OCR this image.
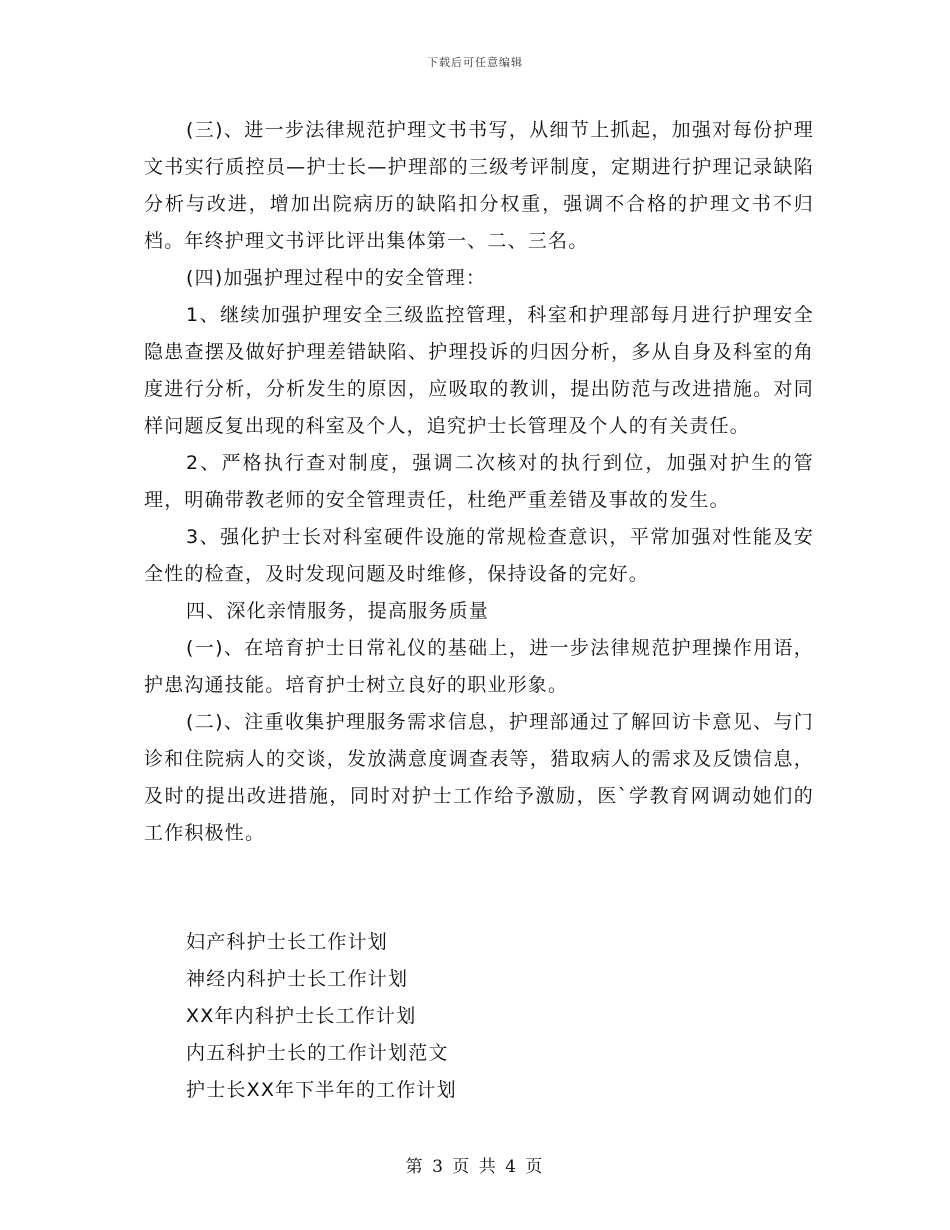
下载后可任意编辑

(三)、进一步法律规范护理文书书写，从细节上抓起，加强对每份护理文书实行质控员—护士长—护理部的三级考评制度，定期进行护理记录缺陷分析与改进，增加出院病历的缺陷扣分权重，强调不合格的护理文书不归档。年终护理文书评比评出集体第一、二、三名。

(四)加强护理过程中的安全管理：

1、继续加强护理安全三级监控管理，科室和护理部每月进行护理安全隐患查摆及做好护理差错缺陷、护理投诉的归因分析，多从自身及科室的角度进行分析，分析发生的原因，应吸取的教训，提出防范与改进措施。对同样问题反复出现的科室及个人，追究护士长管理及个人的有关责任。

2、严格执行查对制度，强调二次核对的执行到位，加强对护生的管理，明确带教老师的安全管理责任，杜绝严重差错及事故的发生。

3、强化护士长对科室硬件设施的常规检查意识，平常加强对性能及安全性的检查，及时发现问题及时维修，保持设备的完好。

四、深化亲情服务，提高服务质量

(一)、在培育护士日常礼仪的基础上，进一步法律规范护理操作用语，护患沟通技能。培育护士树立良好的职业形象。

(二)、注重收集护理服务需求信息，护理部通过了解回访卡意见、与门诊和住院病人的交谈，发放满意度调查表等，猎取病人的需求及反馈信息，及时的提出改进措施，同时对护士工作给予激励，医`学教育网调动她们的工作积极性。

妇产科护士长工作计划
神经内科护士长工作计划
XX年内科护士长工作计划
内五科护士长的工作计划范文
护士长XX年下半年的工作计划
第 3 页 共 4 页
